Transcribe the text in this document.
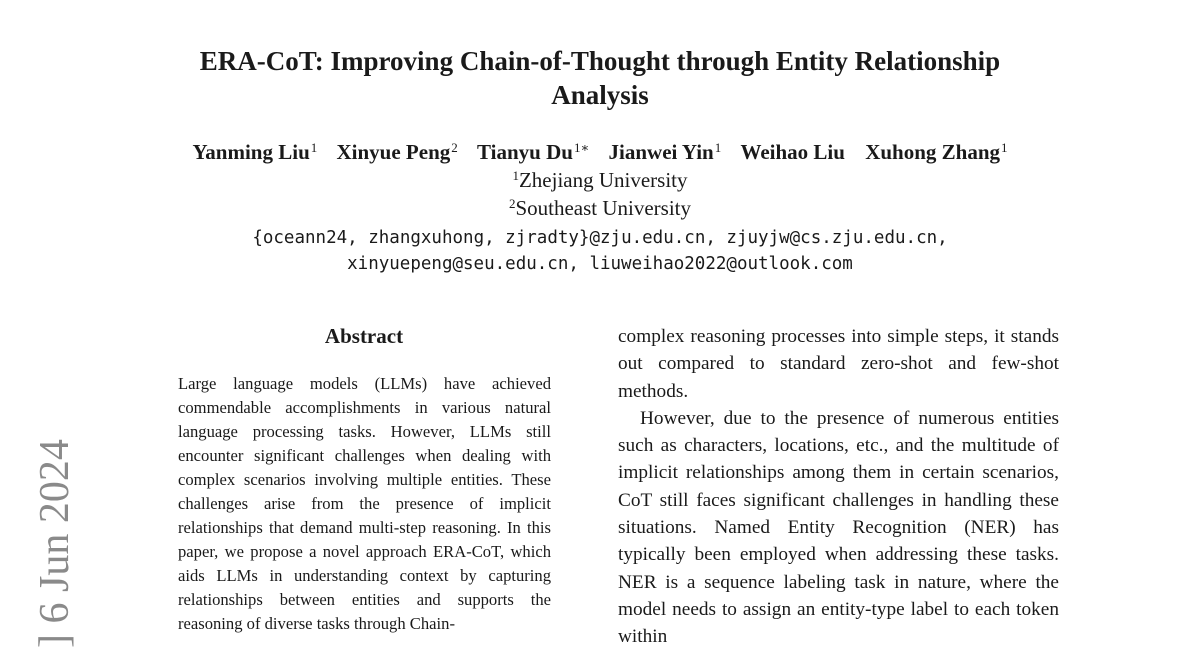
ERA-CoT: Improving Chain-of-Thought through Entity Relationship
Analysis
Yanming Liu$^1$ Xinyue Peng$^2$ Tianyu $Du^{1∗}$ Jianwei Yin$^1$ Weihao Liu Xuhong Zhang$^1$
$^1$Zhejiang University
$^2$Southeast University
{oceann24, zhangxuhong, zjradty}@zju.edu.cn, zjuyjw@cs.zju.edu.cn,
xinyuepeng@seu.edu.cn, liuweihao2022@outlook.com
Abstract
Large language models (LLMs) have achieved commendable accomplishments in various natural language processing tasks. However, LLMs still encounter significant challenges when dealing with complex scenarios involving multiple entities. These challenges arise from the presence of implicit relationships that demand multi-step reasoning. In this paper, we propose a novel approach ERA-CoT, which aids LLMs in understanding context by capturing relationships between entities and supports the reasoning of diverse tasks through Chain-

complex reasoning processes into simple steps, it stands out compared to standard zero-shot and few-shot methods.

However, due to the presence of numerous entities such as characters, locations, etc., and the multitude of implicit relationships among them in certain scenarios, CoT still faces significant challenges in handling these situations. Named Entity Recognition (NER) has typically been employed when addressing these tasks. NER is a sequence labeling task in nature, where the model needs to assign an entity-type label to each token within

] 6 Jun 2024
